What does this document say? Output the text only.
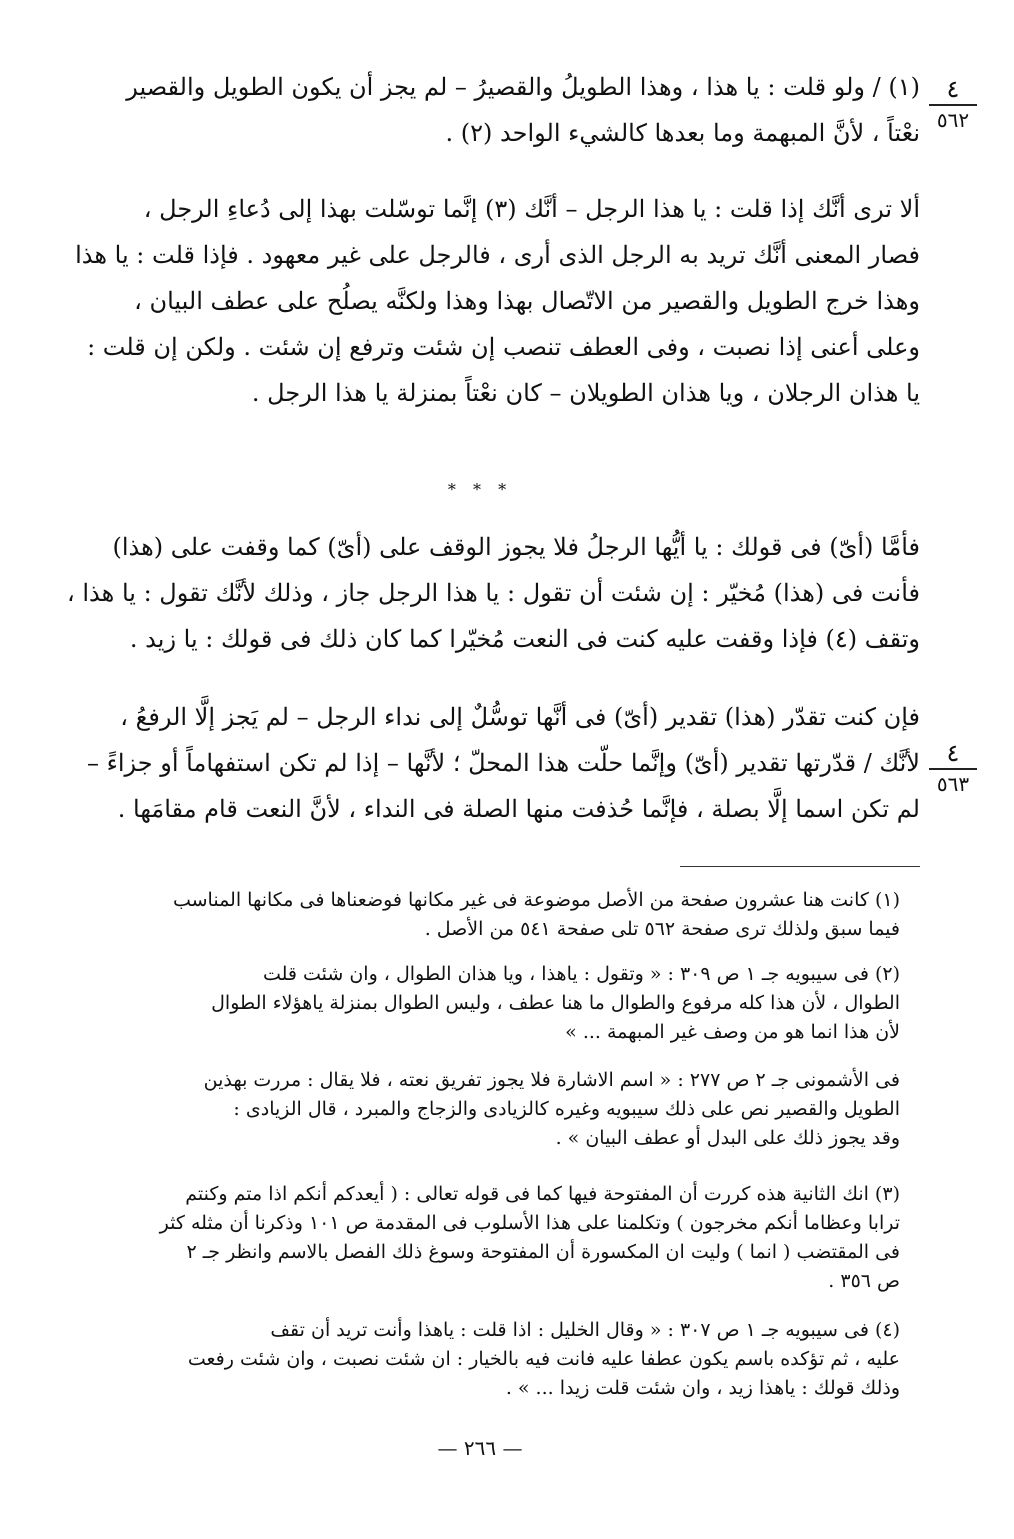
٤
٥٦٢
٤
٥٦٣
(١) / ولو قلت : يا هذا ، وهذا الطويلُ والقصيرُ – لم يجز أن يكون الطويل والقصير
نعْتاً ، لأنَّ المبهمة وما بعدها كالشيء الواحد (٢) .
ألا ترى أنَّك إذا قلت : يا هذا الرجل – أنَّك (٣) إنَّما توسّلت بهذا إلى دُعاءِ الرجل ،
فصار المعنى أنَّك تريد به الرجل الذى أرى ، فالرجل على غير معهود . فإذا قلت : يا هذا
وهذا خرج الطويل والقصير من الاتّصال بهذا وهذا ولكنَّه يصلُح على عطف البيان ،
وعلى أعنى إذا نصبت ، وفى العطف تنصب إن شئت وترفع إن شئت . ولكن إن قلت :
يا هذان الرجلان ، ويا هذان الطويلان – كان نعْتاً بمنزلة يا هذا الرجل .
* * *
فأمَّا (أىّ) فى قولك : يا أيُّها الرجلُ فلا يجوز الوقف على (أىّ) كما وقفت على (هذا)
فأنت فى (هذا) مُخيّر : إن شئت أن تقول : يا هذا الرجل جاز ، وذلك لأنَّك تقول : يا هذا ،
وتقف (٤) فإذا وقفت عليه كنت فى النعت مُخيّرا كما كان ذلك فى قولك : يا زيد .
فإن كنت تقدّر (هذا) تقدير (أىّ) فى أنَّها توسُّلٌ إلى نداء الرجل – لم يَجز إلَّا الرفعُ ،
لأنَّك / قدّرتها تقدير (أىّ) وإنَّما حلّت هذا المحلّ ؛ لأنَّها – إذا لم تكن استفهاماً أو جزاءً –
لم تكن اسما إلَّا بصلة ، فإنَّما حُذفت منها الصلة فى النداء ، لأنَّ النعت قام مقامَها .
(١) كانت هنا عشرون صفحة من الأصل موضوعة فى غير مكانها فوضعناها فى مكانها المناسب
فيما سبق ولذلك ترى صفحة ٥٦٢ تلى صفحة ٥٤١ من الأصل .
(٢) فى سيبويه جـ ١ ص ٣٠٩ : « وتقول : ياهذا ، ويا هذان الطوال ، وان شئت قلت
الطوال ، لأن هذا كله مرفوع والطوال ما هنا عطف ، وليس الطوال بمنزلة ياهؤلاء الطوال
لأن هذا انما هو من وصف غير المبهمة ... »
فى الأشمونى جـ ٢ ص ٢٧٧ : « اسم الاشارة فلا يجوز تفريق نعته ، فلا يقال : مررت بهذين
الطويل والقصير نص على ذلك سيبويه وغيره كالزيادى والزجاج والمبرد ، قال الزيادى :
وقد يجوز ذلك على البدل أو عطف البيان » .
(٣) انك الثانية هذه كررت أن المفتوحة فيها كما فى قوله تعالى : ( أيعدكم أنكم اذا متم وكنتم
ترابا وعظاما أنكم مخرجون ) وتكلمنا على هذا الأسلوب فى المقدمة ص ١٠١ وذكرنا أن مثله كثر
فى المقتضب ( انما ) وليت ان المكسورة أن المفتوحة وسوغ ذلك الفصل بالاسم وانظر جـ ٢
ص ٣٥٦ .
(٤) فى سيبويه جـ ١ ص ٣٠٧ : « وقال الخليل : اذا قلت : ياهذا وأنت تريد أن تقف
عليه ، ثم تؤكده باسم يكون عطفا عليه فانت فيه بالخيار : ان شئت نصبت ، وان شئت رفعت
وذلك قولك : ياهذا زيد ، وان شئت قلت زيدا ... » .
— ٢٦٦ —
